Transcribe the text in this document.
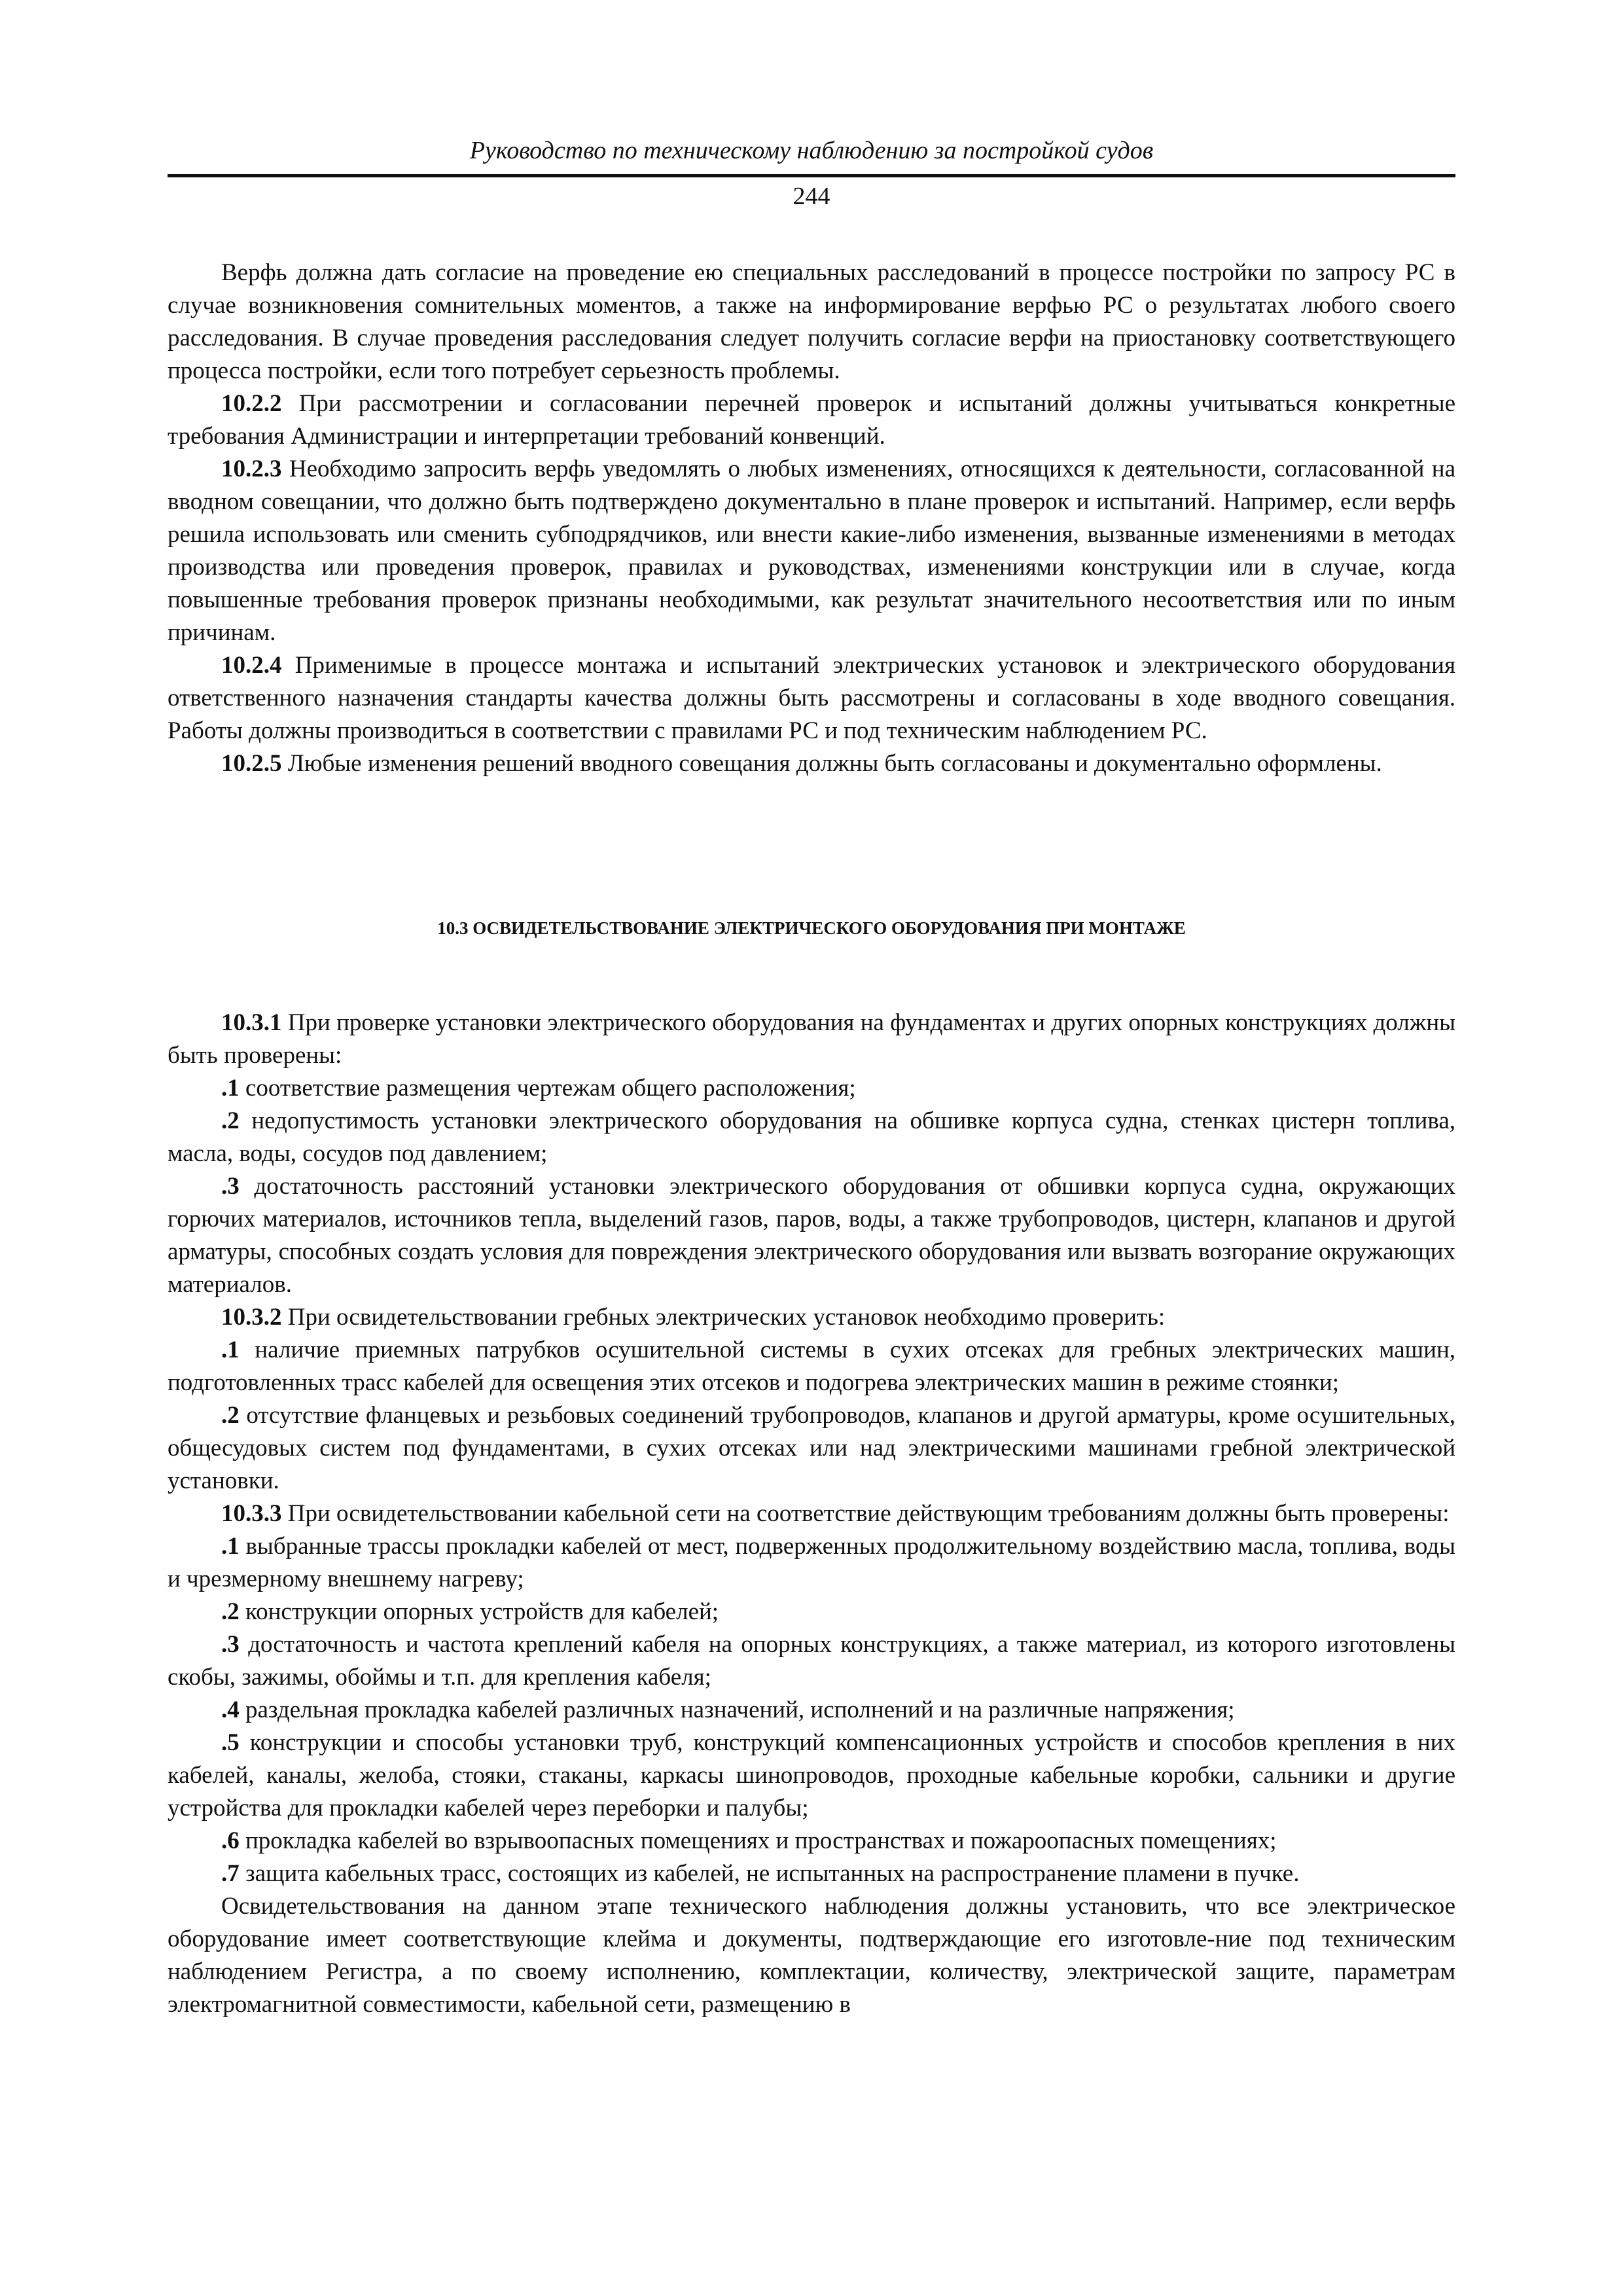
Руководство по техническому наблюдению за постройкой судов
244

Верфь должна дать согласие на проведение ею специальных расследований в процессе постройки по запросу РС в случае возникновения сомнительных моментов, а также на информирование верфью РС о результатах любого своего расследования. В случае проведения расследования следует получить согласие верфи на приостановку соответствующего процесса постройки, если того потребует серьезность проблемы.

10.2.2 При рассмотрении и согласовании перечней проверок и испытаний должны учитываться конкретные требования Администрации и интерпретации требований конвенций.

10.2.3 Необходимо запросить верфь уведомлять о любых изменениях, относящихся к деятельности, согласованной на вводном совещании, что должно быть подтверждено документально в плане проверок и испытаний. Например, если верфь решила использовать или сменить субподрядчиков, или внести какие-либо изменения, вызванные изменениями в методах производства или проведения проверок, правилах и руководствах, изменениями конструкции или в случае, когда повышенные требования проверок признаны необходимыми, как результат значительного несоответствия или по иным причинам.

10.2.4 Применимые в процессе монтажа и испытаний электрических установок и электрического оборудования ответственного назначения стандарты качества должны быть рассмотрены и согласованы в ходе вводного совещания. Работы должны производиться в соответствии с правилами РС и под техническим наблюдением РС.

10.2.5 Любые изменения решений вводного совещания должны быть согласованы и документально оформлены.

10.3 ОСВИДЕТЕЛЬСТВОВАНИЕ ЭЛЕКТРИЧЕСКОГО ОБОРУДОВАНИЯ ПРИ МОНТАЖЕ

10.3.1 При проверке установки электрического оборудования на фундаментах и других опорных конструкциях должны быть проверены:

.1 соответствие размещения чертежам общего расположения;

.2 недопустимость установки электрического оборудования на обшивке корпуса судна, стенках цистерн топлива, масла, воды, сосудов под давлением;

.3 достаточность расстояний установки электрического оборудования от обшивки корпуса судна, окружающих горючих материалов, источников тепла, выделений газов, паров, воды, а также трубопроводов, цистерн, клапанов и другой арматуры, способных создать условия для повреждения электрического оборудования или вызвать возгорание окружающих материалов.

10.3.2 При освидетельствовании гребных электрических установок необходимо проверить:

.1 наличие приемных патрубков осушительной системы в сухих отсеках для гребных электрических машин, подготовленных трасс кабелей для освещения этих отсеков и подогрева электрических машин в режиме стоянки;

.2 отсутствие фланцевых и резьбовых соединений трубопроводов, клапанов и другой арматуры, кроме осушительных, общесудовых систем под фундаментами, в сухих отсеках или над электрическими машинами гребной электрической установки.

10.3.3 При освидетельствовании кабельной сети на соответствие действующим требованиям должны быть проверены:

.1 выбранные трассы прокладки кабелей от мест, подверженных продолжительному воздействию масла, топлива, воды и чрезмерному внешнему нагреву;

.2 конструкции опорных устройств для кабелей;

.3 достаточность и частота креплений кабеля на опорных конструкциях, а также материал, из которого изготовлены скобы, зажимы, обоймы и т.п. для крепления кабеля;

.4 раздельная прокладка кабелей различных назначений, исполнений и на различные напряжения;

.5 конструкции и способы установки труб, конструкций компенсационных устройств и способов крепления в них кабелей, каналы, желоба, стояки, стаканы, каркасы шинопроводов, проходные кабельные коробки, сальники и другие устройства для прокладки кабелей через переборки и палубы;

.6 прокладка кабелей во взрывоопасных помещениях и пространствах и пожароопасных помещениях;

.7 защита кабельных трасс, состоящих из кабелей, не испытанных на распространение пламени в пучке.

Освидетельствования на данном этапе технического наблюдения должны установить, что все электрическое оборудование имеет соответствующие клейма и документы, подтверждающие его изготовле-ние под техническим наблюдением Регистра, а по своему исполнению, комплектации, количеству, электрической защите, параметрам электромагнитной совместимости, кабельной сети, размещению в
